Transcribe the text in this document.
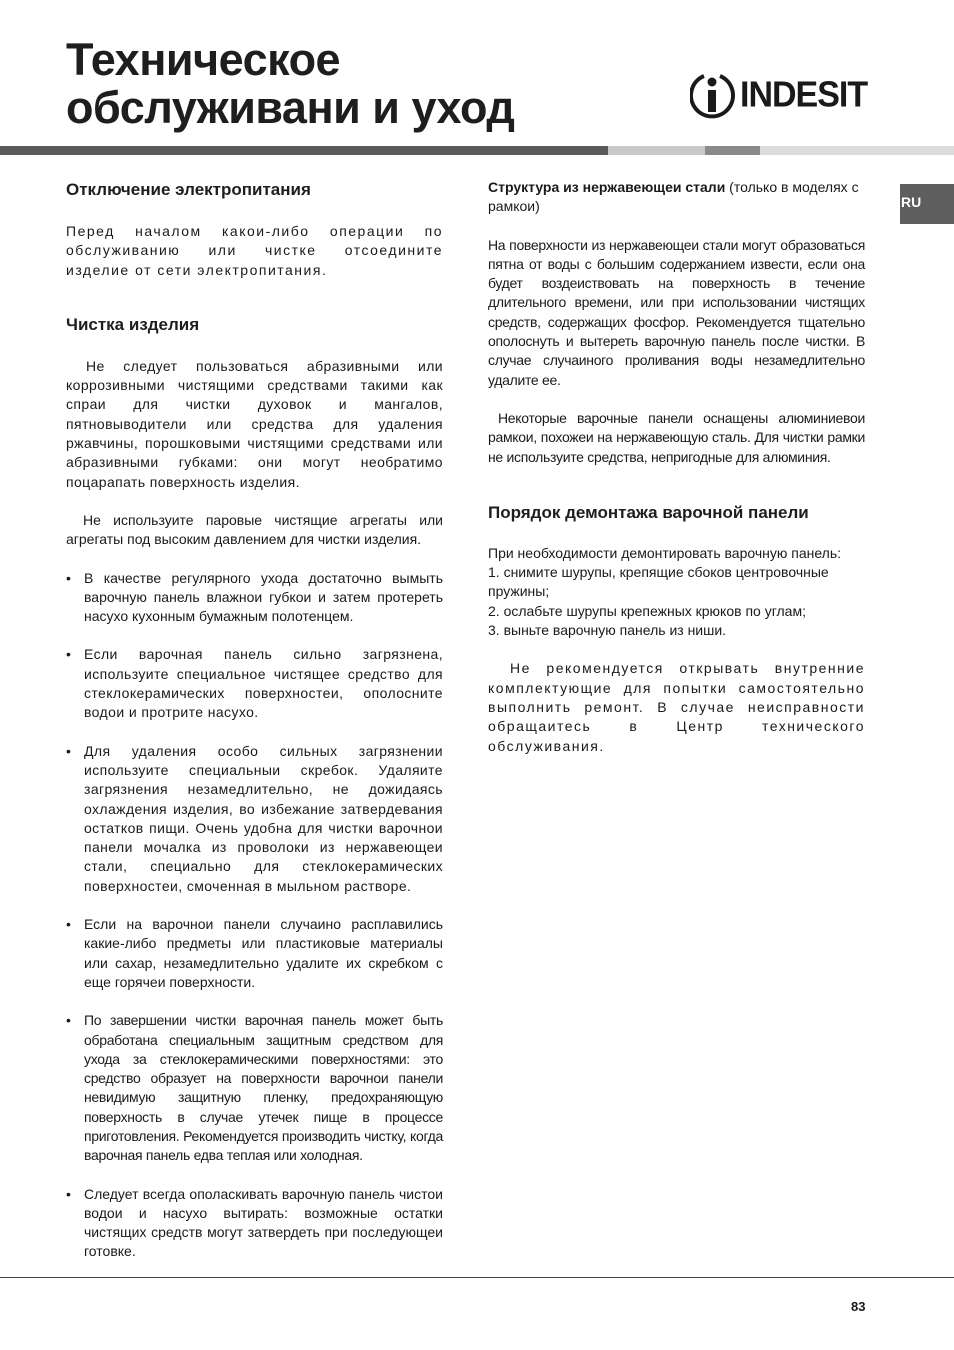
Техническое
обслуживани и уход	INDESIT
RU
Отключение электропитания

Перед началом какои-либо операции по обслуживанию или чистке отсоедините изделие от сети электропитания.

Чистка изделия

Не следует пользоваться абразивными или коррозивными чистящими средствами такими как спраи для чистки духовок и мангалов, пятновыводители или средства для удаления ржавчины, порошковыми чистящими средствами или абразивными губками: они могут необратимо поцарапать поверхность изделия.

Не используите паровые чистящие агрегаты или агрегаты под высоким давлением для чистки изделия.

• В качестве регулярного ухода достаточно вымыть варочную панель влажнои губкои и затем протереть насухо кухонным бумажным полотенцем.
• Если варочная панель сильно загрязнена, используите специальное чистящее средство для стеклокерамических поверхностеи, ополосните водои и протрите насухо.
• Для удаления особо сильных загрязнении используите специальныи скребок. Удаляите загрязнения незамедлительно, не дожидаясь охлаждения изделия, во избежание затвердевания остатков пищи. Очень удобна для чистки варочнои панели мочалка из проволоки из нержавеющеи стали, специально для стеклокерамических поверхностеи, смоченная в мыльном растворе.
• Если на варочнои панели случаино расплавились какие-либо предметы или пластиковые материалы или сахар, незамедлительно удалите их скребком с еще горячеи поверхности.
• По завершении чистки варочная панель может быть обработана специальным защитным средством для ухода за стеклокерамическими поверхностями: это средство образует на поверхности варочнои панели невидимую защитную пленку, предохраняющую поверхность в случае утечек пище в процессе приготовления. Рекомендуется производить чистку, когда варочная панель едва теплая или холодная.
• Следует всегда ополаскивать варочную панель чистои водои и насухо вытирать: возможные остатки чистящих средств могут затвердеть при последующеи готовке.

Структура из нержавеющеи стали (только в моделях с рамкои)

На поверхности из нержавеющеи стали могут образоваться пятна от воды с большим содержанием извести, если она будет воздеиствовать на поверхность в течение длительного времени, или при использовании чистящих средств, содержащих фосфор. Рекомендуется тщательно ополоснуть и вытереть варочную панель после чистки. В случае случаиного проливания воды незамедлительно удалите ее.

Некоторые варочные панели оснащены алюминиевои рамкои, похожеи на нержавеющую сталь. Для чистки рамки не используите средства, непригодные для алюминия.

Порядок демонтажа варочной панели

При необходимости демонтировать варочную панель:

1. снимите шурупы, крепящие сбоков центровочные пружины;

2. ослабьте шурупы крепежных крюков по углам;

3. выньте варочную панель из ниши.

Не рекомендуется открывать внутренние комплектующие для попытки самостоятельно выполнить ремонт. В случае неисправности обращаитесь в Центр технического обслуживания.

83
